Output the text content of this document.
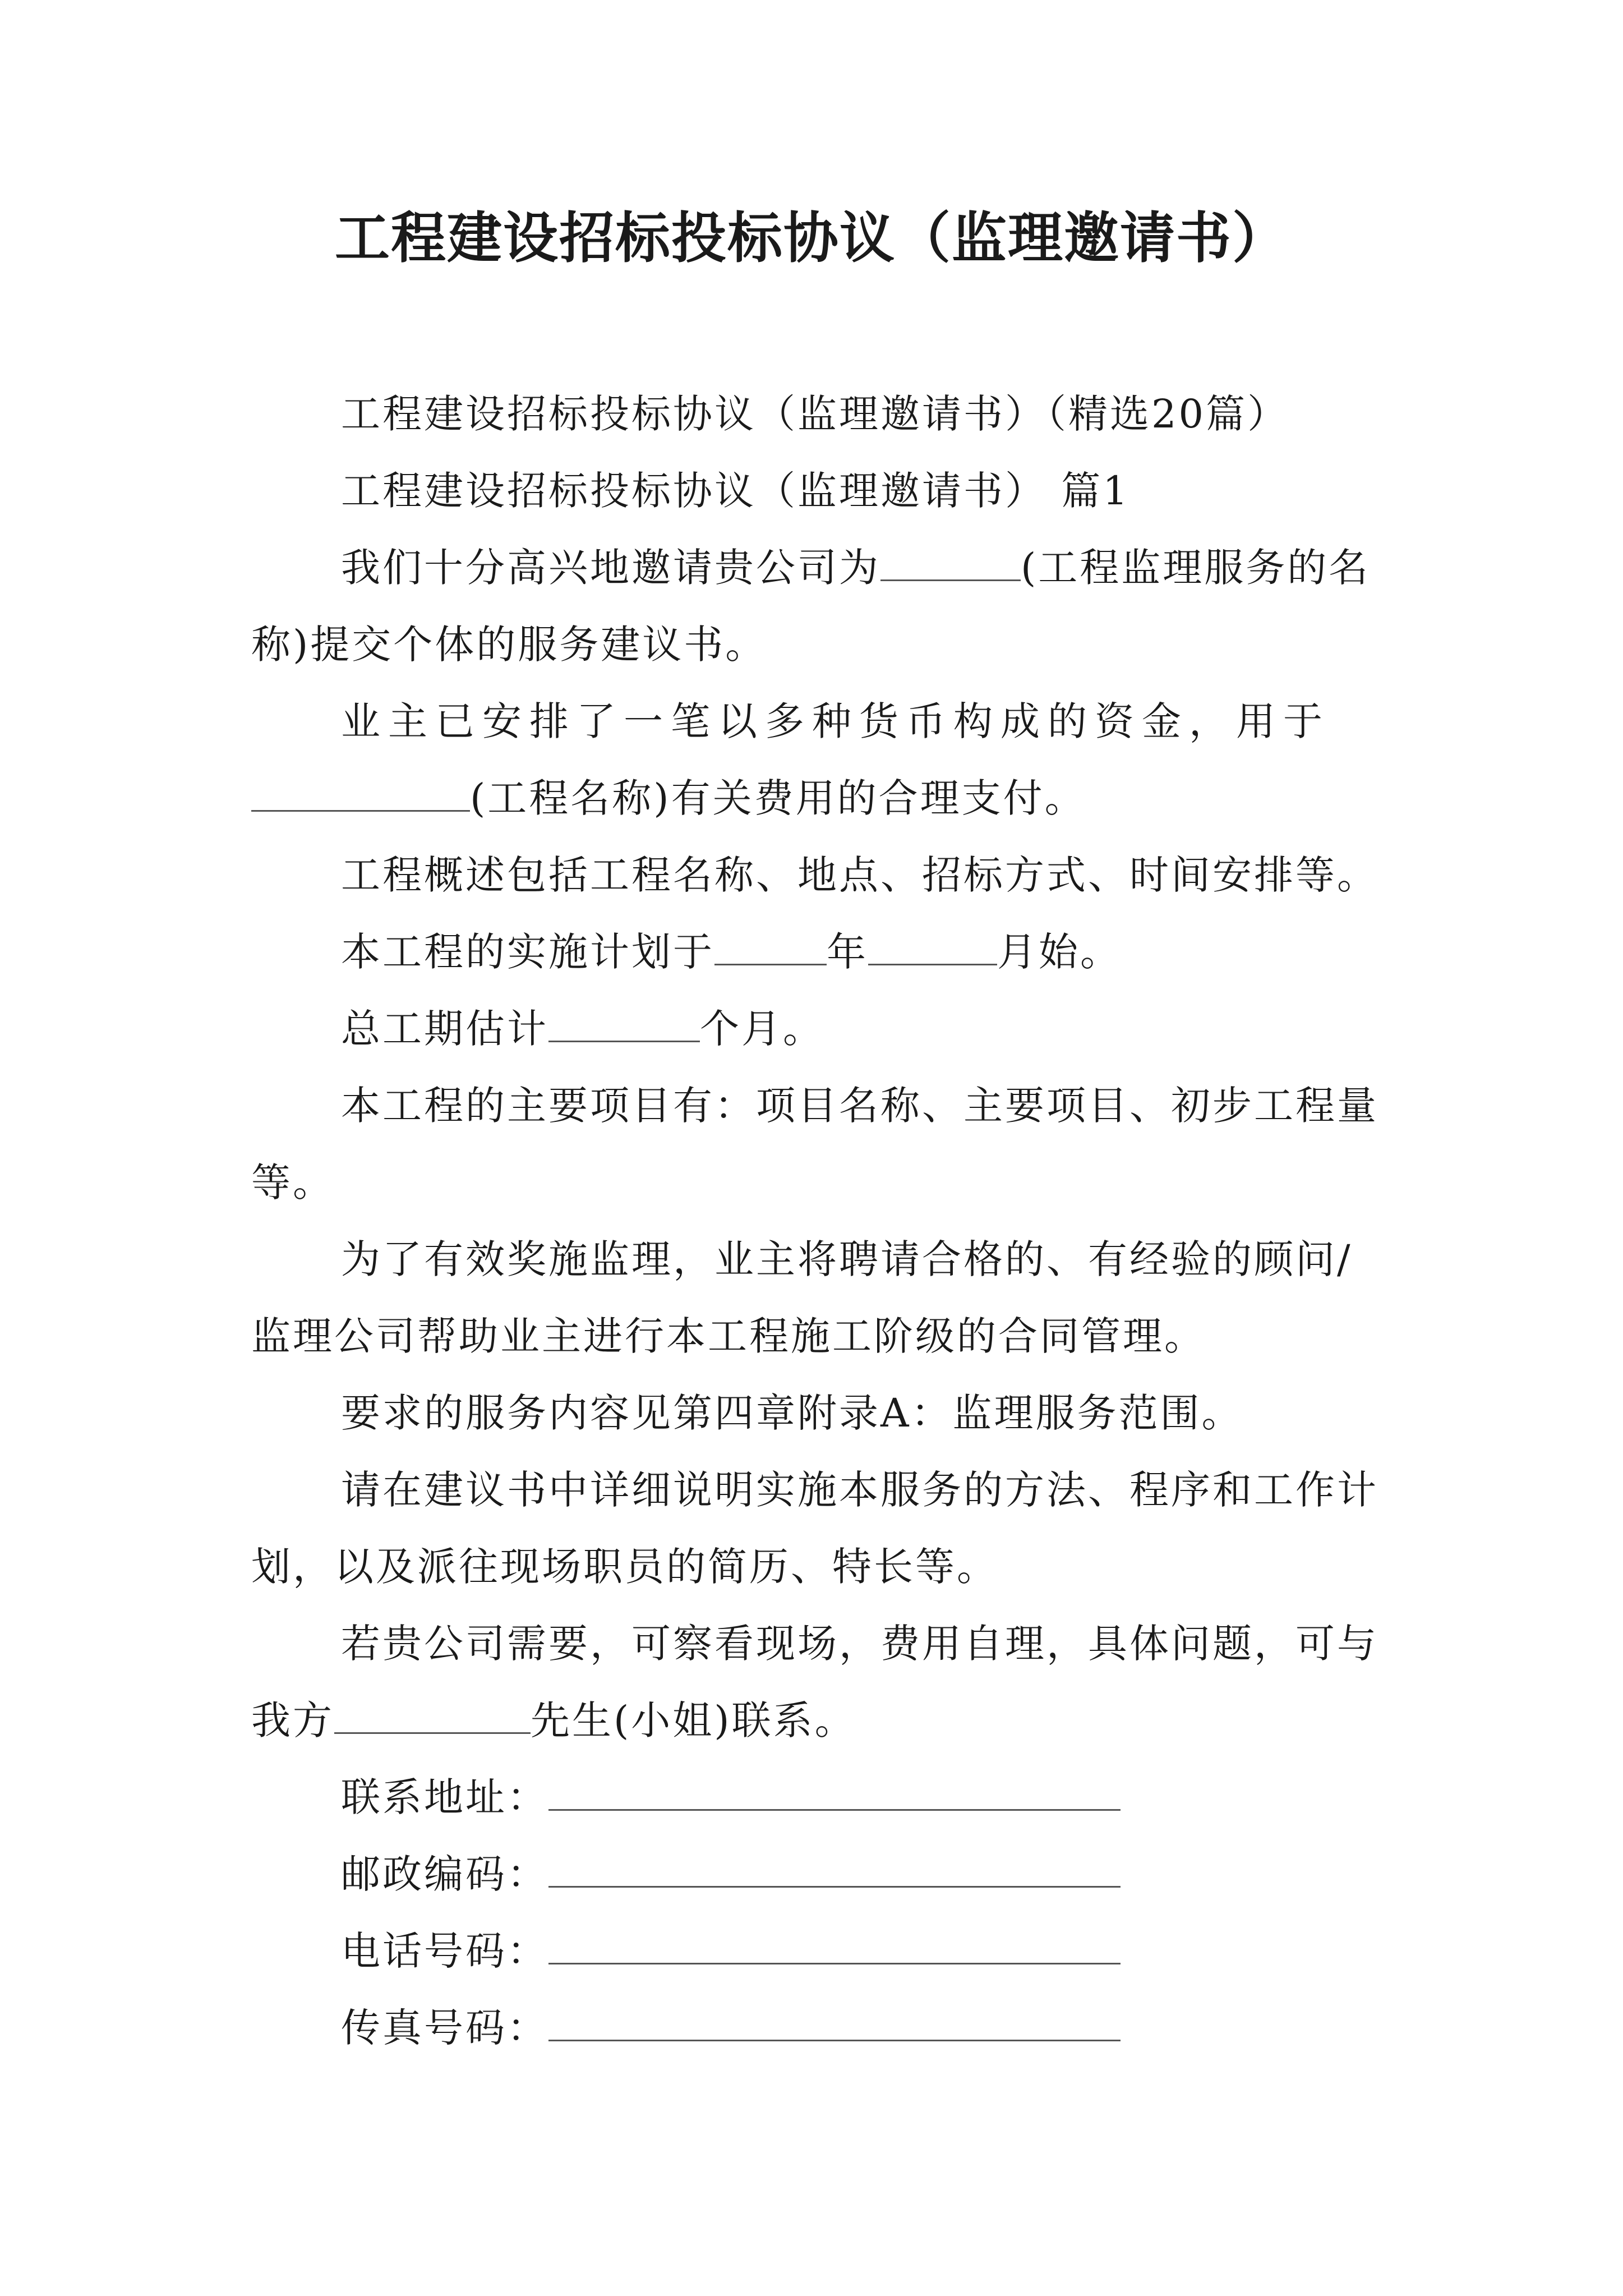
工程建设招标投标协议（监理邀请书）

工程建设招标投标协议（监理邀请书）（精选20篇）

工程建设招标投标协议（监理邀请书） 篇1

我们十分高兴地邀请贵公司为	(工程监理服务的名称)提交个体的服务建议书。

业主已安排了一笔以多种货币构成的资金，用于(工程名称)有关费用的合理支付。

工程概述包括工程名称、地点、招标方式、时间安排等。

本工程的实施计划于	年	月始。

总工期估计	个月。

本工程的主要项目有：项目名称、主要项目、初步工程量等。

为了有效奖施监理，业主将聘请合格的、有经验的顾问/监理公司帮助业主进行本工程施工阶级的合同管理。

要求的服务内容见第四章附录A：监理服务范围。

请在建议书中详细说明实施本服务的方法、程序和工作计划，以及派往现场职员的简历、特长等。

若贵公司需要，可察看现场，费用自理，具体问题，可与我方	先生(小姐)联系。

联系地址：

邮政编码：

电话号码：

传真号码：
